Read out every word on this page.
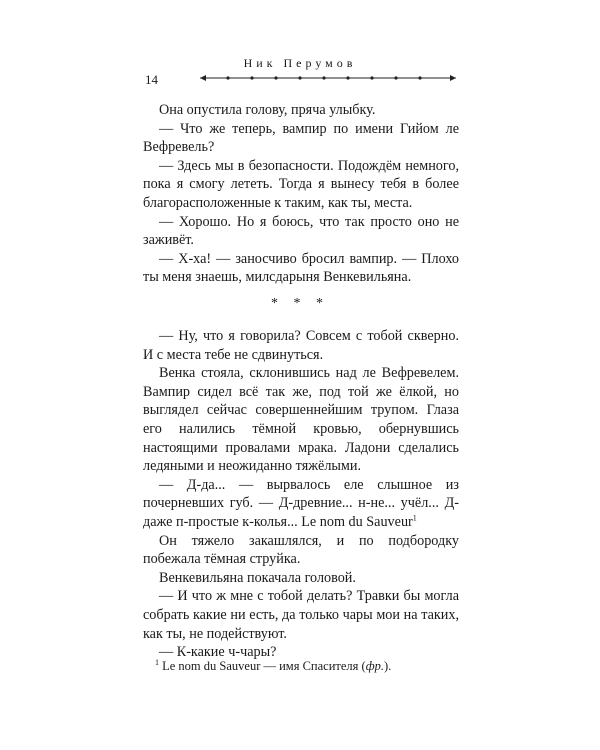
Ник Перумов
14

Она опустила голову, пряча улыбку.

— Что же теперь, вампир по имени Гийом ле Вефревель?

— Здесь мы в безопасности. Подождём немного, пока я смогу лететь. Тогда я вынесу тебя в более благорасположенные к таким, как ты, места.

— Хорошо. Но я боюсь, что так просто оно не заживёт.

— Х-ха! — заносчиво бросил вампир. — Плохо ты меня знаешь, милсдарыня Венкевильяна.

* * *

— Ну, что я говорила? Совсем с тобой скверно. И с места тебе не сдвинуться.

Венка стояла, склонившись над ле Вефревелем. Вампир сидел всё так же, под той же ёлкой, но выглядел сейчас совершеннейшим трупом. Глаза его налились тёмной кровью, обернувшись настоящими провалами мрака. Ладони сделались ледяными и неожиданно тяжёлыми.

— Д-да... — вырвалось еле слышное из почерневших губ. — Д-древние... н-не... учёл... Д-даже п-простые к-колья... Le nom du Sauveur$^1$

Он тяжело закашлялся, и по подбородку побежала тёмная струйка.

Венкевильяна покачала головой.

— И что ж мне с тобой делать? Травки бы могла собрать какие ни есть, да только чары мои на таких, как ты, не подействуют.

— К-какие ч-чары?

$^1$ Le nom du Sauveur — имя Спасителя (фр.).
